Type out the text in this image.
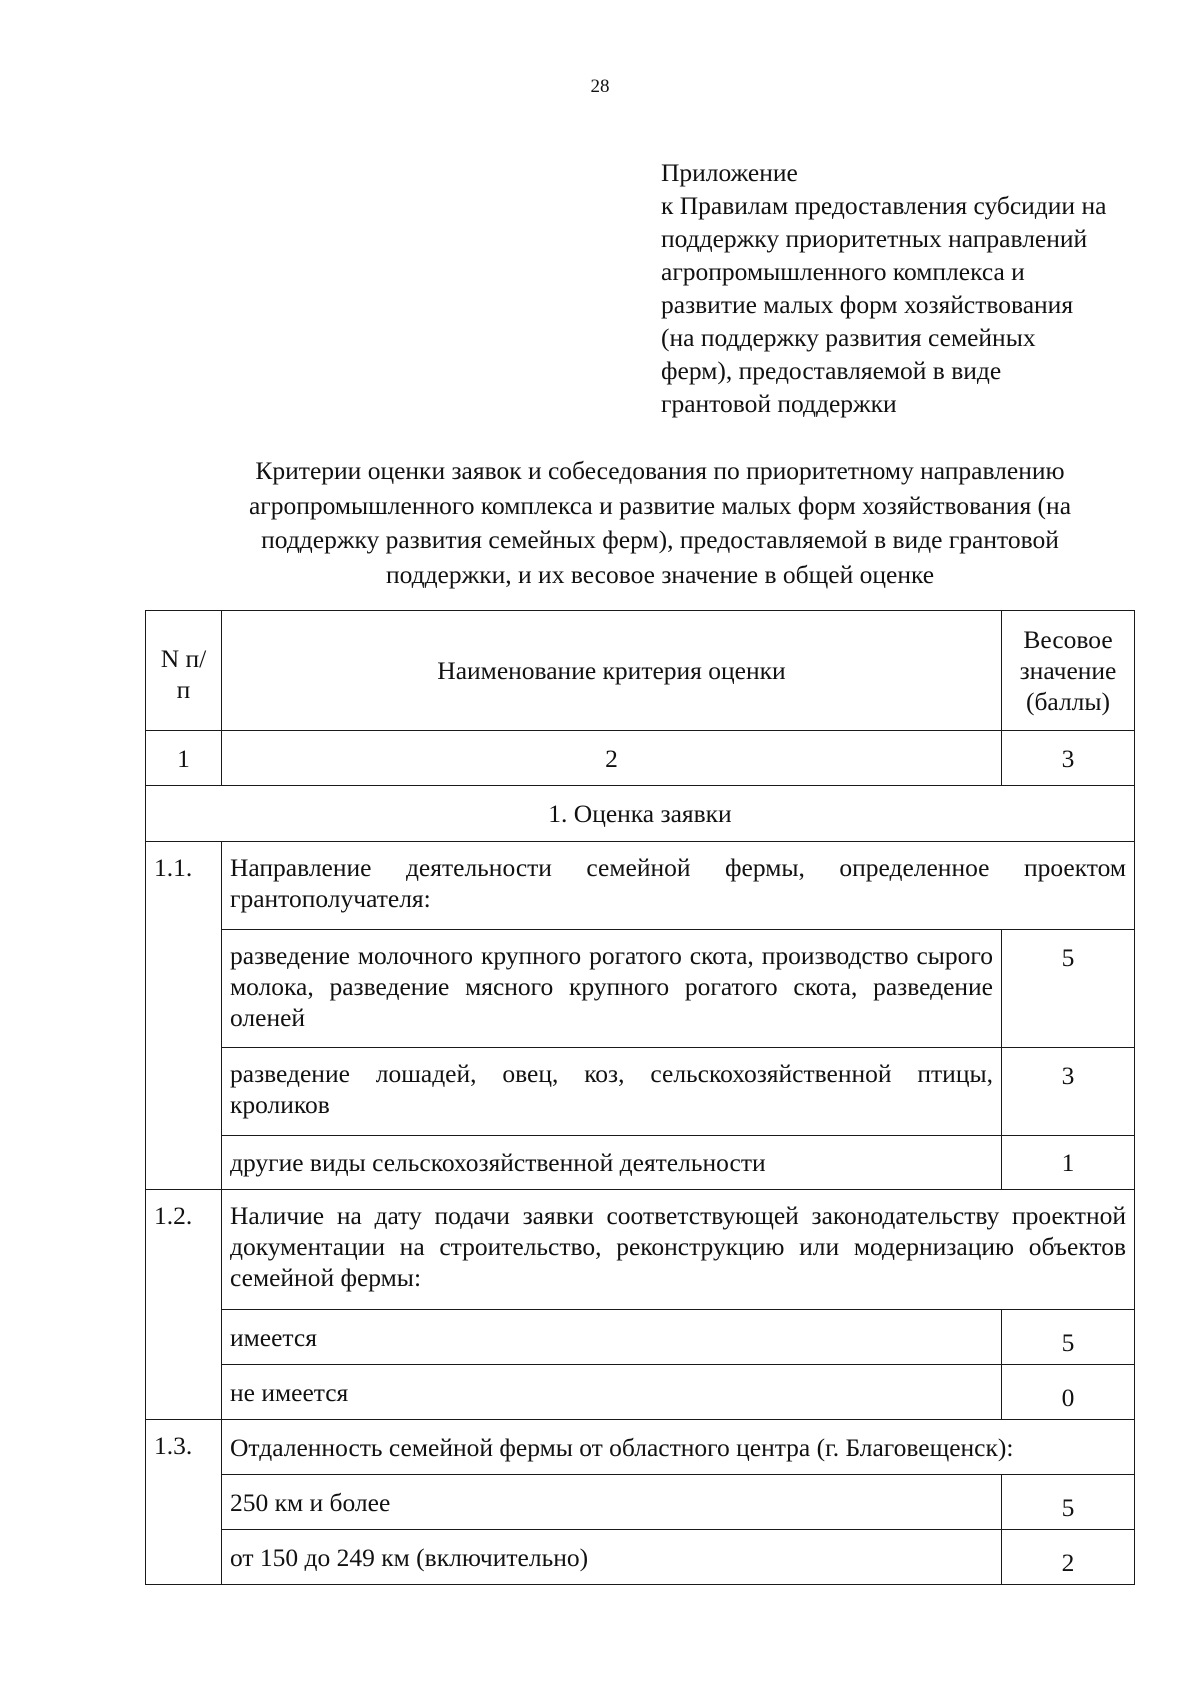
28
Приложение
к Правилам предоставления субсидии на
поддержку приоритетных направлений
агропромышленного комплекса и
развитие малых форм хозяйствования
(на поддержку развития семейных
ферм), предоставляемой в виде
грантовой поддержки
Критерии оценки заявок и собеседования по приоритетному направлению
агропромышленного комплекса и развитие малых форм хозяйствования (на
поддержку развития семейных ферм), предоставляемой в виде грантовой
поддержки, и их весовое значение в общей оценке
N п/п	Наименование критерия оценки	Весовое значение (баллы)
1	2	3
1. Оценка заявки		
1.1.	Направление деятельности семейной фермы, определенное проектом грантополучателя:	
	разведение молочного крупного рогатого скота, производство сырого молока, разведение мясного крупного рогатого скота, разведение оленей	5
	разведение лошадей, овец, коз, сельскохозяйственной птицы, кроликов	3
	другие виды сельскохозяйственной деятельности	1
1.2.	Наличие на дату подачи заявки соответствующей законодательству проектной документации на строительство, реконструкцию или модернизацию объектов семейной фермы:	
	имеется	5
	не имеется	0
1.3.	Отдаленность семейной фермы от областного центра (г. Благовещенск):	
	250 км и более	5
	от 150 до 249 км (включительно)	2
